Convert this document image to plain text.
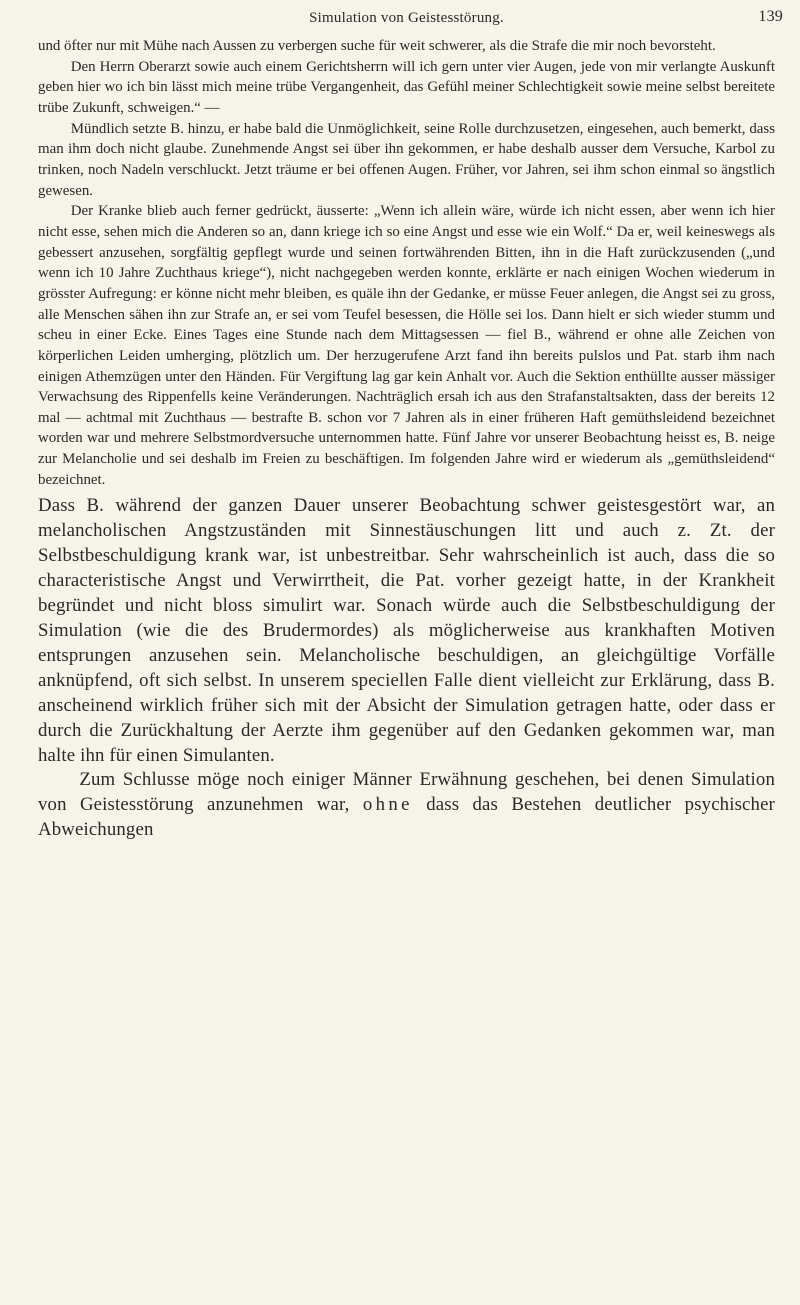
Simulation von Geistesstörung.	139

und öfter nur mit Mühe nach Aussen zu verbergen suche für weit schwerer, als die Strafe die mir noch bevorsteht.

Den Herrn Oberarzt sowie auch einem Gerichtsherrn will ich gern unter vier Augen, jede von mir verlangte Auskunft geben hier wo ich bin lässt mich meine trübe Vergangenheit, das Gefühl meiner Schlechtigkeit sowie meine selbst bereitete trübe Zukunft, schweigen.“ —

Mündlich setzte B. hinzu, er habe bald die Unmöglichkeit, seine Rolle durchzusetzen, eingesehen, auch bemerkt, dass man ihm doch nicht glaube. Zunehmende Angst sei über ihn gekommen, er habe deshalb ausser dem Versuche, Karbol zu trinken, noch Nadeln verschluckt. Jetzt träume er bei offenen Augen. Früher, vor Jahren, sei ihm schon einmal so ängstlich gewesen.

Der Kranke blieb auch ferner gedrückt, äusserte: „Wenn ich allein wäre, würde ich nicht essen, aber wenn ich hier nicht esse, sehen mich die Anderen so an, dann kriege ich so eine Angst und esse wie ein Wolf.“ Da er, weil keineswegs als gebessert anzusehen, sorgfältig gepflegt wurde und seinen fortwährenden Bitten, ihn in die Haft zurückzusenden („und wenn ich 10 Jahre Zuchthaus kriege“), nicht nachgegeben werden konnte, erklärte er nach einigen Wochen wiederum in grösster Aufregung: er könne nicht mehr bleiben, es quäle ihn der Gedanke, er müsse Feuer anlegen, die Angst sei zu gross, alle Menschen sähen ihn zur Strafe an, er sei vom Teufel besessen, die Hölle sei los. Dann hielt er sich wieder stumm und scheu in einer Ecke. Eines Tages eine Stunde nach dem Mittagsessen — fiel B., während er ohne alle Zeichen von körperlichen Leiden umherging, plötzlich um. Der herzugerufene Arzt fand ihn bereits pulslos und Pat. starb ihm nach einigen Athemzügen unter den Händen. Für Vergiftung lag gar kein Anhalt vor. Auch die Sektion enthüllte ausser mässiger Verwachsung des Rippenfells keine Veränderungen. Nachträglich ersah ich aus den Strafanstaltsakten, dass der bereits 12 mal — achtmal mit Zuchthaus — bestrafte B. schon vor 7 Jahren als in einer früheren Haft gemüthsleidend bezeichnet worden war und mehrere Selbstmordversuche unternommen hatte. Fünf Jahre vor unserer Beobachtung heisst es, B. neige zur Melancholie und sei deshalb im Freien zu beschäftigen. Im folgenden Jahre wird er wiederum als „gemüthsleidend“ bezeichnet.

Dass B. während der ganzen Dauer unserer Beobachtung schwer geistesgestört war, an melancholischen Angstzuständen mit Sinnestäuschungen litt und auch z. Zt. der Selbstbeschuldigung krank war, ist unbestreitbar. Sehr wahrscheinlich ist auch, dass die so characteristische Angst und Verwirrtheit, die Pat. vorher gezeigt hatte, in der Krankheit begründet und nicht bloss simulirt war. Sonach würde auch die Selbstbeschuldigung der Simulation (wie die des Brudermordes) als möglicherweise aus krankhaften Motiven entsprungen anzusehen sein. Melancholische beschuldigen, an gleichgültige Vorfälle anknüpfend, oft sich selbst. In unserem speciellen Falle dient vielleicht zur Erklärung, dass B. anscheinend wirklich früher sich mit der Absicht der Simulation getragen hatte, oder dass er durch die Zurückhaltung der Aerzte ihm gegenüber auf den Gedanken gekommen war, man halte ihn für einen Simulanten.

Zum Schlusse möge noch einiger Männer Erwähnung geschehen, bei denen Simulation von Geistesstörung anzunehmen war, ohne dass das Bestehen deutlicher psychischer Abweichungen
